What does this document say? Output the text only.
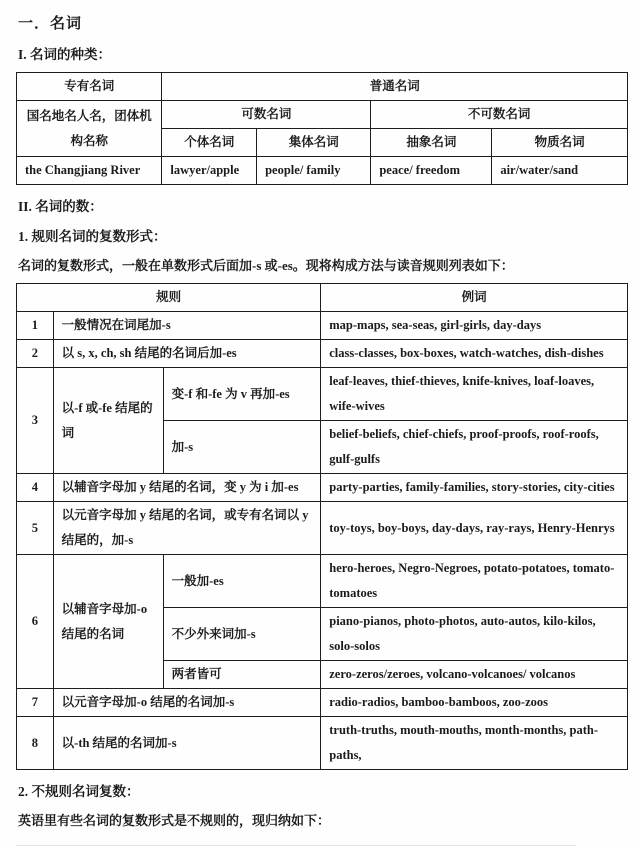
一．名词
I. 名词的种类：
专有名词	普通名词			
国名地名人名，团体机构名称	可数名词		不可数名词	
	个体名词	集体名词	抽象名词	物质名词
the Changjiang River	lawyer/apple	people/ family	peace/ freedom	air/water/sand
II. 名词的数：
1. 规则名词的复数形式：
名词的复数形式，一般在单数形式后面加-s 或-es。现将构成方法与读音规则列表如下：
规则			例词
1	一般情况在词尾加-s		map-maps, sea-seas, girl-girls, day-days
2	以 s, x, ch, sh 结尾的名词后加-es		class-classes, box-boxes, watch-watches, dish-dishes
3	以-f 或-fe 结尾的词	变-f 和-fe 为 v 再加-es	leaf-leaves, thief-thieves, knife-knives, loaf-loaves, wife-wives
		加-s	belief-beliefs, chief-chiefs, proof-proofs, roof-roofs, gulf-gulfs
4	以辅音字母加 y 结尾的名词，变 y 为 i 加-es		party-parties, family-families, story-stories, city-cities
5	以元音字母加 y 结尾的名词，或专有名词以 y 结尾的，加-s		toy-toys, boy-boys, day-days, ray-rays, Henry-Henrys
6	以辅音字母加-o 结尾的名词	一般加-es	hero-heroes, Negro-Negroes, potato-potatoes, tomato-tomatoes
		不少外来词加-s	piano-pianos, photo-photos, auto-autos, kilo-kilos, solo-solos
		两者皆可	zero-zeros/zeroes, volcano-volcanoes/ volcanos
7	以元音字母加-o 结尾的名词加-s		radio-radios, bamboo-bamboos, zoo-zoos
8	以-th 结尾的名词加-s		truth-truths, mouth-mouths, month-months, path-paths,
2. 不规则名词复数：
英语里有些名词的复数形式是不规则的，现归纳如下：
